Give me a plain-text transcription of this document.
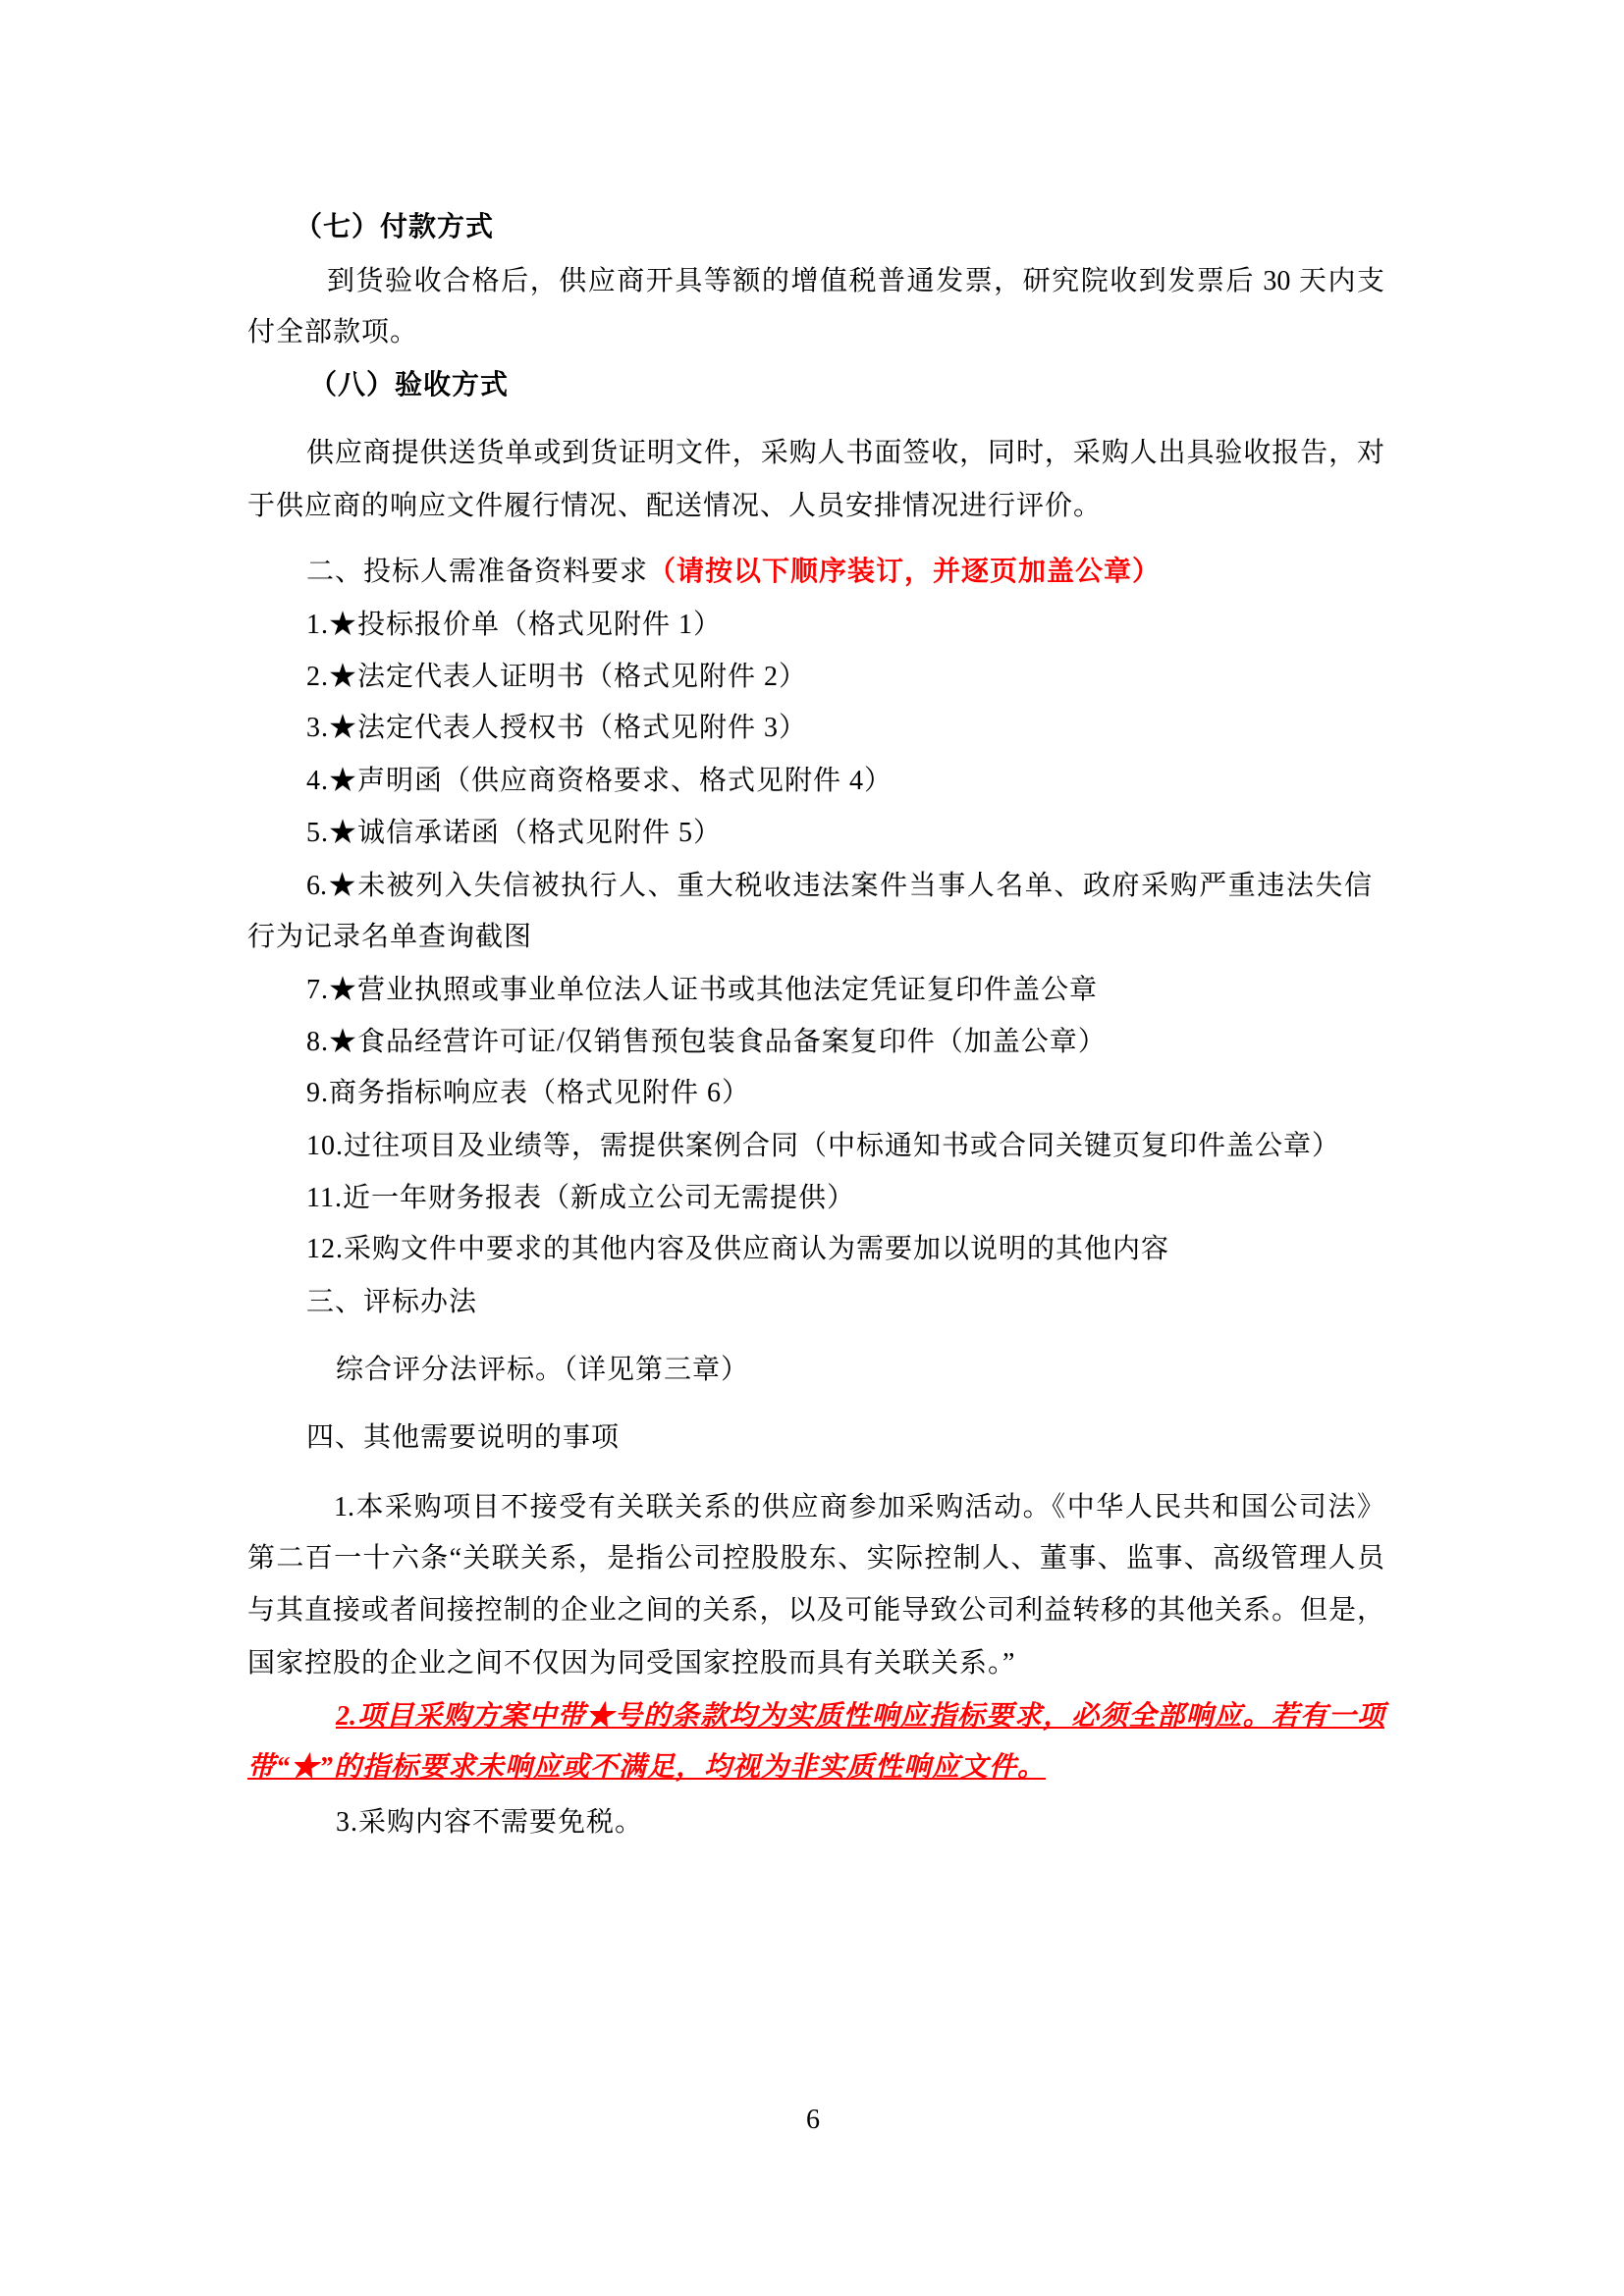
（七）付款方式
到货验收合格后，供应商开具等额的增值税普通发票，研究院收到发票后 30 天内支
付全部款项。
（八）验收方式
供应商提供送货单或到货证明文件，采购人书面签收，同时，采购人出具验收报告，对
于供应商的响应文件履行情况、配送情况、人员安排情况进行评价。
二、投标人需准备资料要求（请按以下顺序装订，并逐页加盖公章）
1.★投标报价单（格式见附件 1）
2.★法定代表人证明书（格式见附件 2）
3.★法定代表人授权书（格式见附件 3）
4.★声明函（供应商资格要求、格式见附件 4）
5.★诚信承诺函（格式见附件 5）
6.★未被列入失信被执行人、重大税收违法案件当事人名单、政府采购严重违法失信
行为记录名单查询截图
7.★营业执照或事业单位法人证书或其他法定凭证复印件盖公章
8.★食品经营许可证/仅销售预包装食品备案复印件（加盖公章）
9.商务指标响应表（格式见附件 6）
10.过往项目及业绩等，需提供案例合同（中标通知书或合同关键页复印件盖公章）
11.近一年财务报表（新成立公司无需提供）
12.采购文件中要求的其他内容及供应商认为需要加以说明的其他内容
三、评标办法
综合评分法评标。（详见第三章）
四、其他需要说明的事项
1.本采购项目不接受有关联关系的供应商参加采购活动。《中华人民共和国公司法》
第二百一十六条“关联关系，是指公司控股股东、实际控制人、董事、监事、高级管理人员
与其直接或者间接控制的企业之间的关系，以及可能导致公司利益转移的其他关系。但是，
国家控股的企业之间不仅因为同受国家控股而具有关联关系。”
2.项目采购方案中带★号的条款均为实质性响应指标要求，必须全部响应。若有一项
带“★”的指标要求未响应或不满足，均视为非实质性响应文件。
3.采购内容不需要免税。
6
